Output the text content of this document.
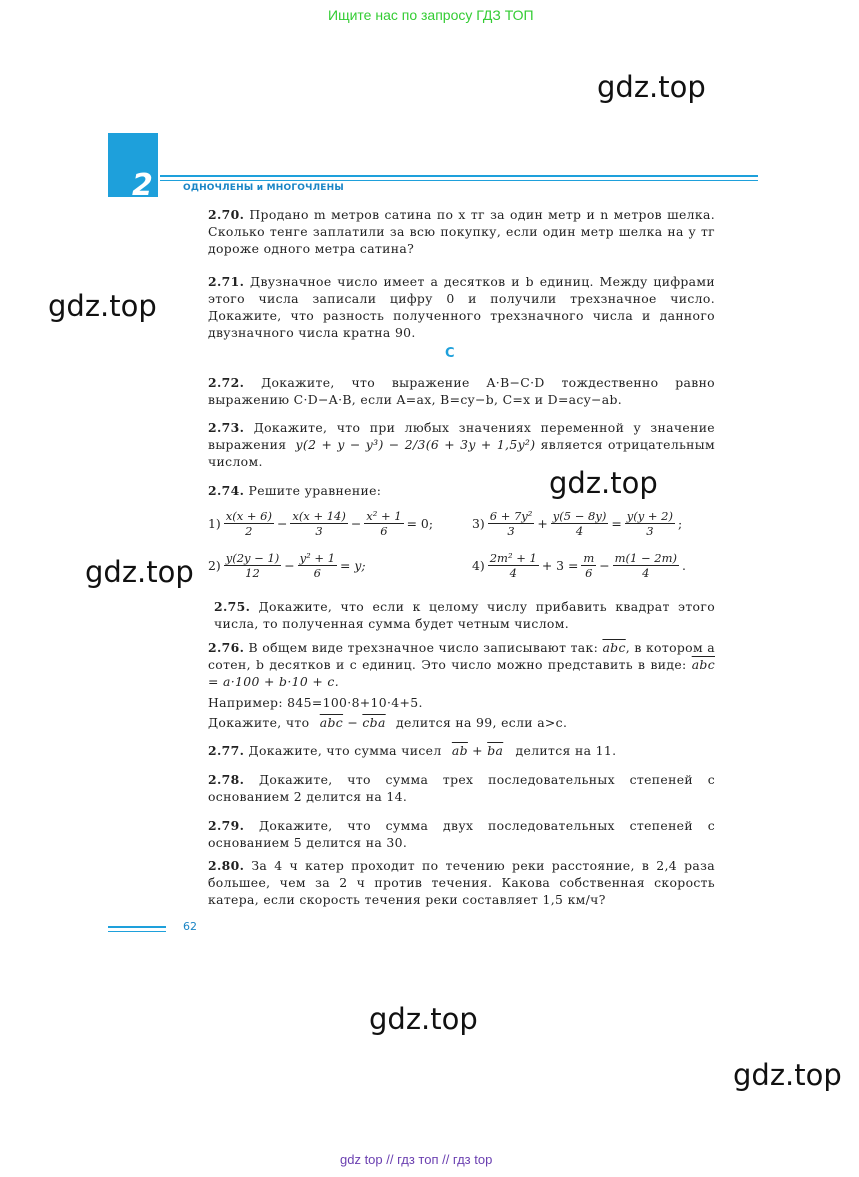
Ищите нас по запросу ГДЗ ТОП
gdz.top
gdz.top
gdz.top
gdz.top
gdz.top
gdz.top
2	ОДНОЧЛЕНЫ и МНОГОЧЛЕНЫ

2.70. Продано m метров сатина по x тг за один метр и n метров шелка. Сколько тенге заплатили за всю покупку, если один метр шелка на y тг дороже одного метра сатина?

2.71. Двузначное число имеет a десятков и b единиц. Между цифрами этого числа записали цифру 0 и получили трехзначное число. Докажите, что разность полученного трехзначного числа и данного двузначного числа кратна 90.

С

2.72. Докажите, что выражение A·B−C·D тождественно равно выражению C·D−A·B, если A=ax, B=cy−b, C=x и D=acy−ab.

2.73. Докажите, что при любых значениях переменной y значение выражения y(2 + y − y³) − 2/3(6 + 3y + 1,5y²) является отрицательным числом.

2.74. Решите уравнение:

$1) \frac{x(x + 6)}{2} - \frac{x(x + 14)}{3} - \frac{\text{x² + 1}}{6} = 0$;
$2) \frac{y(2y - 1)}{12} - \frac{\text{y² + 1}}{6} = y$;
$3) \frac{\text{6 + 7y²}}{3} + \frac{y(5 - 8y)}{4} = \frac{y(y + 2)}{3}$ ;
$4) \frac{\text{2m² + 1}}{4} + 3 = \frac{m}{6} - \frac{m(1 - 2m)}{4}$ .

2.75. Докажите, что если к целому числу прибавить квадрат этого числа, то полученная сумма будет четным числом.

2.76. В общем виде трехзначное число записывают так: $\overline{abc}$, в котором a сотен, b десятков и c единиц. Это число можно представить в виде: $\overline{abc} = a\cdot 100 + b\cdot 10 + c$.
Например: 845=100·8+10·4+5.
Докажите, что $\overline{abc} - \overline{cba}$ делится на 99, если a>c.
2.77. Докажите, что сумма чисел $\overline{ab} + \overline{ba}$ делится на 11.

2.78. Докажите, что сумма трех последовательных степеней с основанием 2 делится на 14.

2.79. Докажите, что сумма двух последовательных степеней с основанием 5 делится на 30.

2.80. За 4 ч катер проходит по течению реки расстояние, в 2,4 раза большее, чем за 2 ч против течения. Какова собственная скорость катера, если скорость течения реки составляет 1,5 км/ч?

62
gdz top // гдз топ // гдз top
